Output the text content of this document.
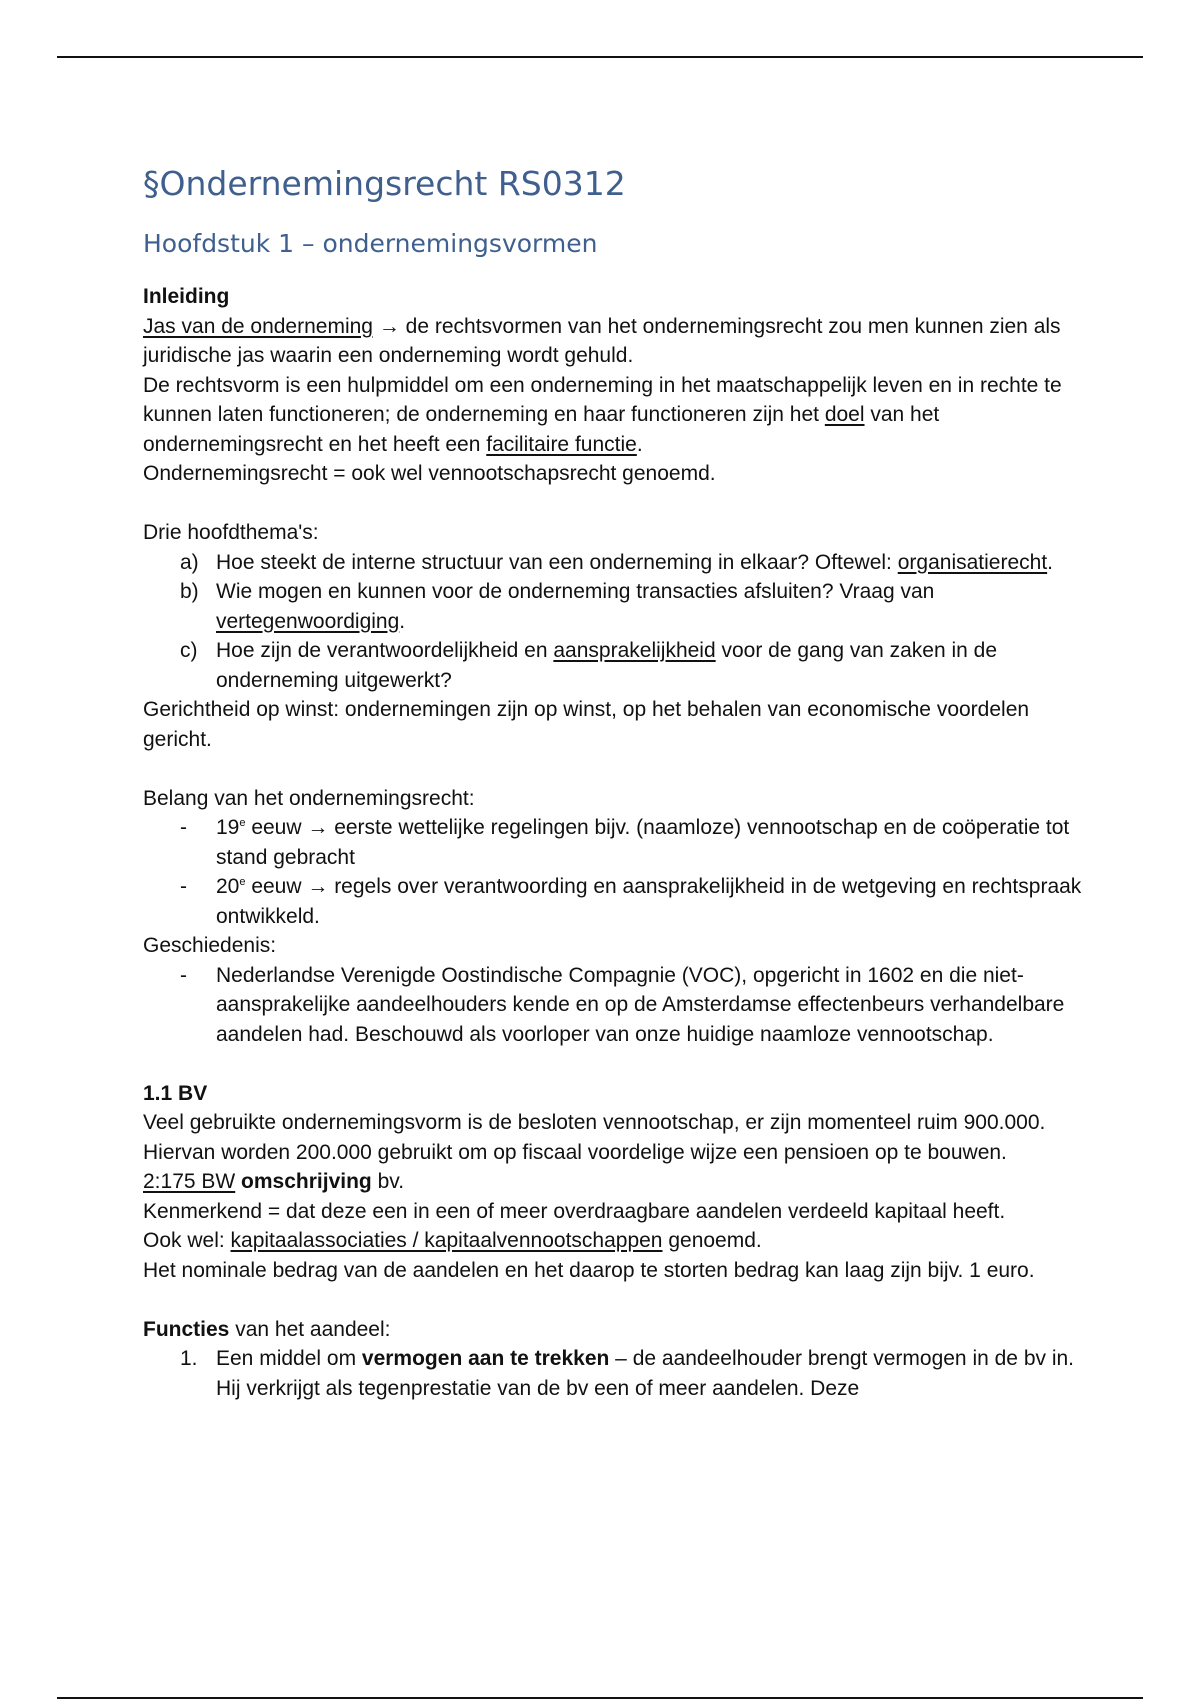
§Ondernemingsrecht RS0312
Hoofdstuk 1 – ondernemingsvormen

Inleiding

Jas van de onderneming → de rechtsvormen van het ondernemingsrecht zou men kunnen zien als juridische jas waarin een onderneming wordt gehuld.

De rechtsvorm is een hulpmiddel om een onderneming in het maatschappelijk leven en in rechte te kunnen laten functioneren; de onderneming en haar functioneren zijn het doel van het ondernemingsrecht en het heeft een facilitaire functie.

Ondernemingsrecht = ook wel vennootschapsrecht genoemd.

Drie hoofdthema's:

a) Hoe steekt de interne structuur van een onderneming in elkaar? Oftewel: organisatierecht.
b) Wie mogen en kunnen voor de onderneming transacties afsluiten? Vraag van vertegenwoordiging.
c) Hoe zijn de verantwoordelijkheid en aansprakelijkheid voor de gang van zaken in de onderneming uitgewerkt?

Gerichtheid op winst: ondernemingen zijn op winst, op het behalen van economische voordelen gericht.

Belang van het ondernemingsrecht:

- 19e eeuw → eerste wettelijke regelingen bijv. (naamloze) vennootschap en de coöperatie tot stand gebracht
- 20e eeuw → regels over verantwoording en aansprakelijkheid in de wetgeving en rechtspraak ontwikkeld.

Geschiedenis:

- Nederlandse Verenigde Oostindische Compagnie (VOC), opgericht in 1602 en die niet-aansprakelijke aandeelhouders kende en op de Amsterdamse effectenbeurs verhandelbare aandelen had. Beschouwd als voorloper van onze huidige naamloze vennootschap.

1.1 BV

Veel gebruikte ondernemingsvorm is de besloten vennootschap, er zijn momenteel ruim 900.000. Hiervan worden 200.000 gebruikt om op fiscaal voordelige wijze een pensioen op te bouwen.

2:175 BW omschrijving bv.

Kenmerkend = dat deze een in een of meer overdraagbare aandelen verdeeld kapitaal heeft.

Ook wel: kapitaalassociaties / kapitaalvennootschappen genoemd.

Het nominale bedrag van de aandelen en het daarop te storten bedrag kan laag zijn bijv. 1 euro.

Functies van het aandeel:

1. Een middel om vermogen aan te trekken – de aandeelhouder brengt vermogen in de bv in. Hij verkrijgt als tegenprestatie van de bv een of meer aandelen. Deze
